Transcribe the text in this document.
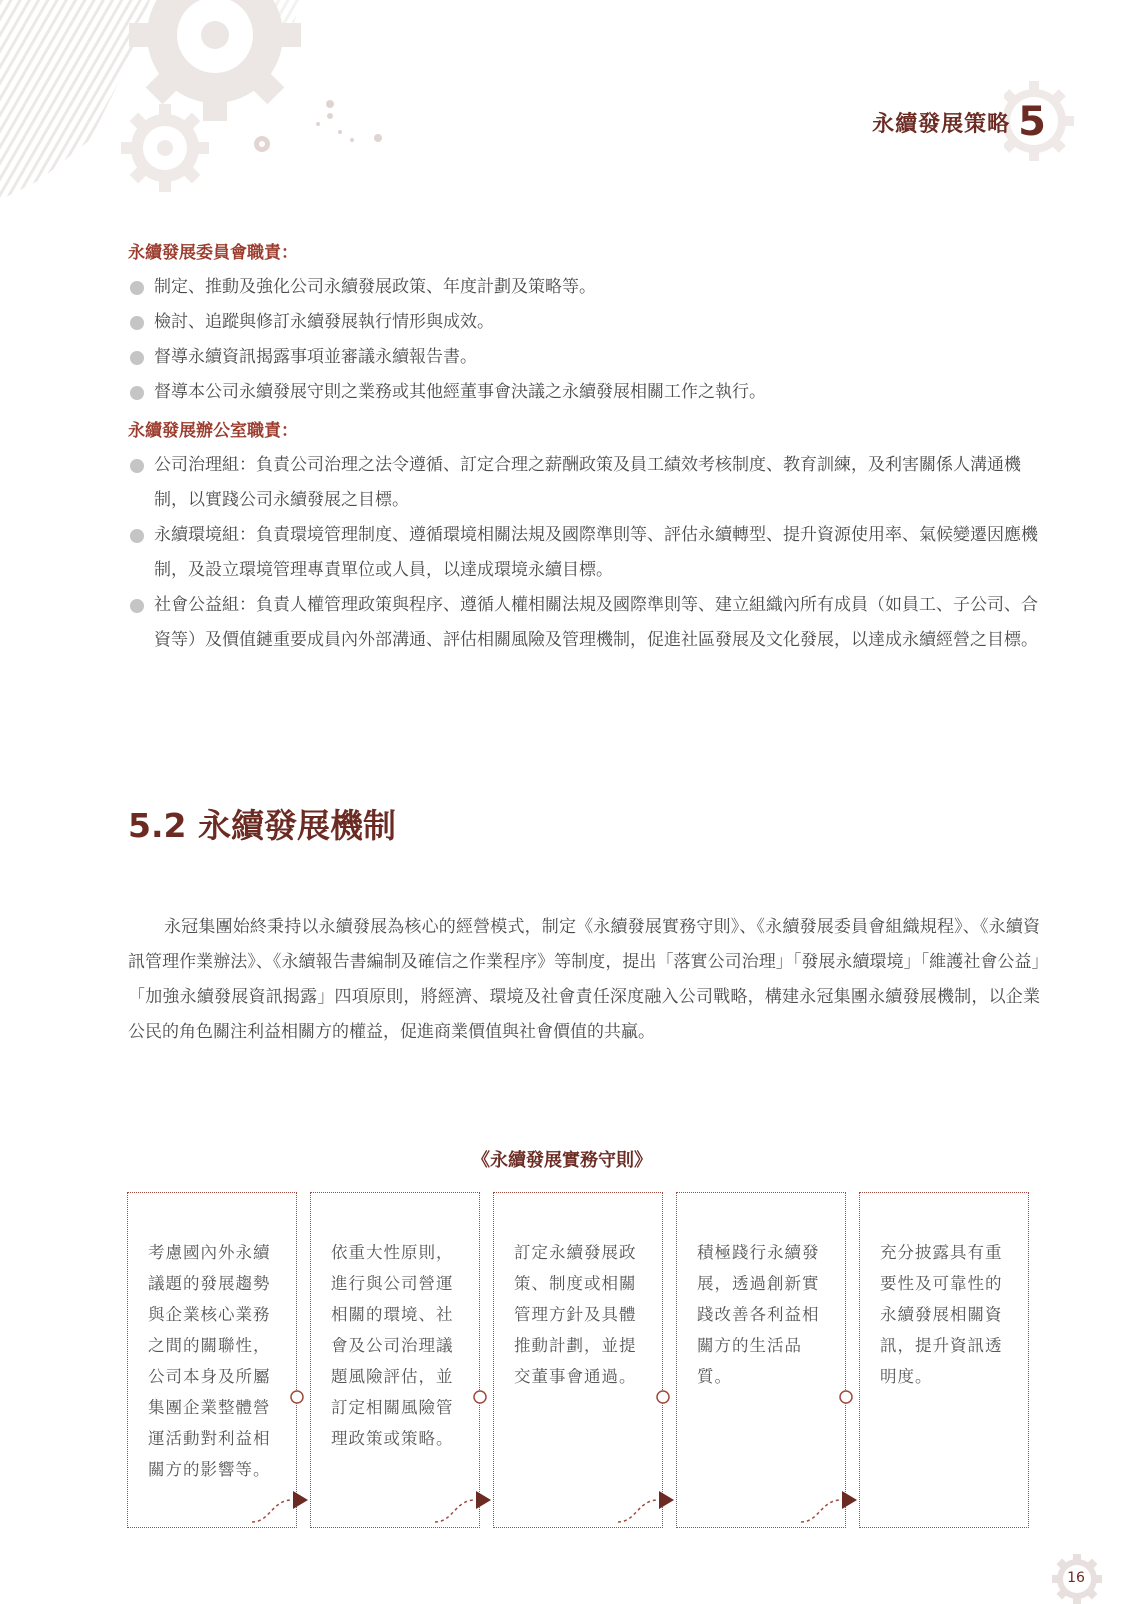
永續發展策略 5
永續發展委員會職責：
制定、推動及強化公司永續發展政策、年度計劃及策略等。
檢討、追蹤與修訂永續發展執行情形與成效。
督導永續資訊揭露事項並審議永續報告書。
督導本公司永續發展守則之業務或其他經董事會決議之永續發展相關工作之執行。
永續發展辦公室職責：
公司治理組：負責公司治理之法令遵循、訂定合理之薪酬政策及員工績效考核制度、教育訓練，及利害關係人溝通機制，以實踐公司永續發展之目標。
永續環境組：負責環境管理制度、遵循環境相關法規及國際準則等、評估永續轉型、提升資源使用率、氣候變遷因應機制，及設立環境管理專責單位或人員，以達成環境永續目標。
社會公益組：負責人權管理政策與程序、遵循人權相關法規及國際準則等、建立組織內所有成員（如員工、子公司、合資等）及價值鏈重要成員內外部溝通、評估相關風險及管理機制，促進社區發展及文化發展，以達成永續經營之目標。
5.2 永續發展機制

永冠集團始終秉持以永續發展為核心的經營模式，制定《永續發展實務守則》、《永續發展委員會組織規程》、《永續資訊管理作業辦法》、《永續報告書編制及確信之作業程序》等制度，提出「落實公司治理」「發展永續環境」「維護社會公益」「加強永續發展資訊揭露」四項原則，將經濟、環境及社會責任深度融入公司戰略，構建永冠集團永續發展機制，以企業公民的角色關注利益相關方的權益，促進商業價值與社會價值的共贏。

《永續發展實務守則》
考慮國內外永續議題的發展趨勢與企業核心業務之間的關聯性，公司本身及所屬集團企業整體營運活動對利益相關方的影響等。
依重大性原則，進行與公司營運相關的環境、社會及公司治理議題風險評估，並訂定相關風險管理政策或策略。
訂定永續發展政策、制度或相關管理方針及具體推動計劃，並提交董事會通過。
積極踐行永續發展，透過創新實踐改善各利益相關方的生活品質。
充分披露具有重要性及可靠性的永續發展相關資訊，提升資訊透明度。
16
